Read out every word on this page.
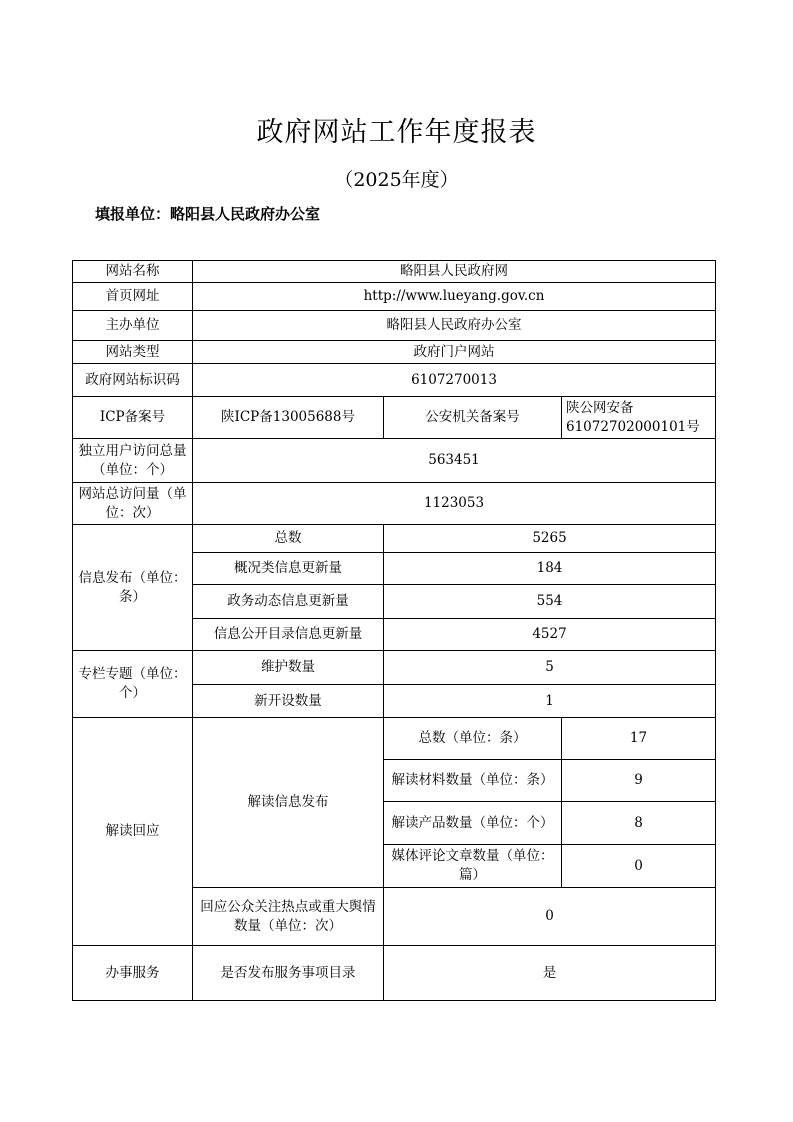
政府网站工作年度报表
（2025年度）
填报单位：略阳县人民政府办公室
网站名称	略阳县人民政府网		
首页网址	http://www.lueyang.gov.cn		
主办单位	略阳县人民政府办公室		
网站类型	政府门户网站		
政府网站标识码	6107270013		
ICP备案号	陕ICP备13005688号	公安机关备案号	陕公网安备61072702000101号
独立用户访问总量（单位：个）	563451		
网站总访问量（单位：次）	1123053		
信息发布（单位：条）	总数	5265	
	概况类信息更新量	184	
	政务动态信息更新量	554	
	信息公开目录信息更新量	4527	
专栏专题（单位：个）	维护数量	5	
	新开设数量	1	
解读回应	解读信息发布	总数（单位：条）	17
		解读材料数量（单位：条）	9
		解读产品数量（单位：个）	8
		媒体评论文章数量（单位：篇）	0
	回应公众关注热点或重大舆情数量（单位：次）	0	
办事服务	是否发布服务事项目录	是	
